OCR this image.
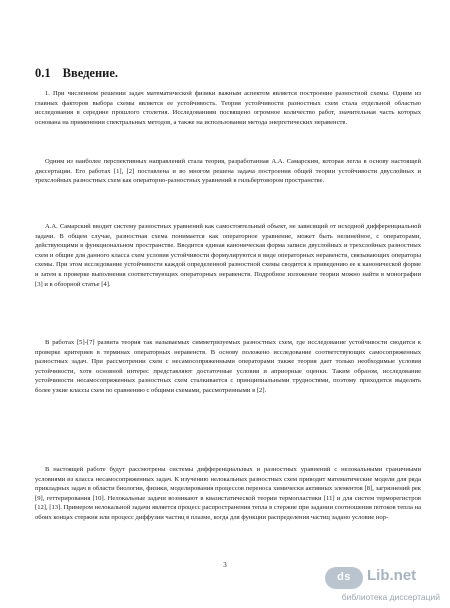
0.1 Введение.

1. При численном решении задач математической физики важным аспектом является построение разностной схемы. Одним из главных факторов выбора схемы является ее устойчивость. Теория устойчивости разностных схем стала отдельной областью исследования в середине прошлого столетия. Исследованиям посвящено огромное количество работ, значительная часть которых основана на применении спектральных методов, а также на использовании метода энергетических неравенств.

Одним из наиболее перспективных направлений стала теория, разработанная А.А. Самарским, которая легла в основу настоящей диссертации. Его работах [1], [2] поставлена и во многом решена задача построения общей теории устойчивости двуслойных и трехслойных разностных схем как операторно-разностных уравнений в гильбертовором пространстве.

А.А. Самарский вводит систему разностных уравнений как самостоятельный объект, не зависящий от исходной дифференциальной задачи. В общем случае, разностная схема понимается как операторное уравнение, может быть нелинейное, с операторами, действующими в функциональном пространстве. Вводится единая каноническая форма записи двуслойных и трехслойных разностных схем и общие для данного класса схем условия устойчивости формулируются в виде операторных неравенств, связывающих операторы схемы. При этом исследование устойчивости каждой определенной разностной схемы сводится к приведению ее к канонической форме и затем к проверке выполнения соответствующих операторных неравенств. Подробное изложение теории можно найти в монографии [3] и в обзорной статье [4].

В работах [5]-[7] развита теория так называемых симметризуемых разностных схем, где исследование устойчивости сводится к проверке критериев в терминах операторных неравенств. В основу положено исследование соответствующих самосопряженных разностных задач. При рассмотрении схем с несамосопряженными операторами также теория дает только необходимые условия устойчивости, хотя основной интерес представляют достаточные условия и априорные оценки. Таким образом, исследование устойчивости несамосопряженных разностных схем сталкивается с принципиальными трудностями, поэтому приходится выделять более узкие классы схем по сравнению с общими схемами, рассмотренными в [2].

В настоящей работе будут рассмотрены системы дифференциальных и разностных уравнений с нелокальными граничными условиями из класса несамосопряженных задач. К изучению нелокальных разностных схем приводит математические модели для ряда прикладных задач в области биологии, физики, моделирования процессов переноса химически активных элементов [8], загрязнений рек [9], геттерирования [10]. Нелокальные задачи возникают в квазистатической теории термопластики [11] и для систем терморегистров [12], [13]. Примером нелокальной задачи является процесс распространения тепла в стержне при задании соотношения потоков тепла на обоих концах стержня или процесс диффузии частиц в плазме, когда для функции распределения частиц задано условие нор-

3
ds	Lib.net
библиотека диссертаций
